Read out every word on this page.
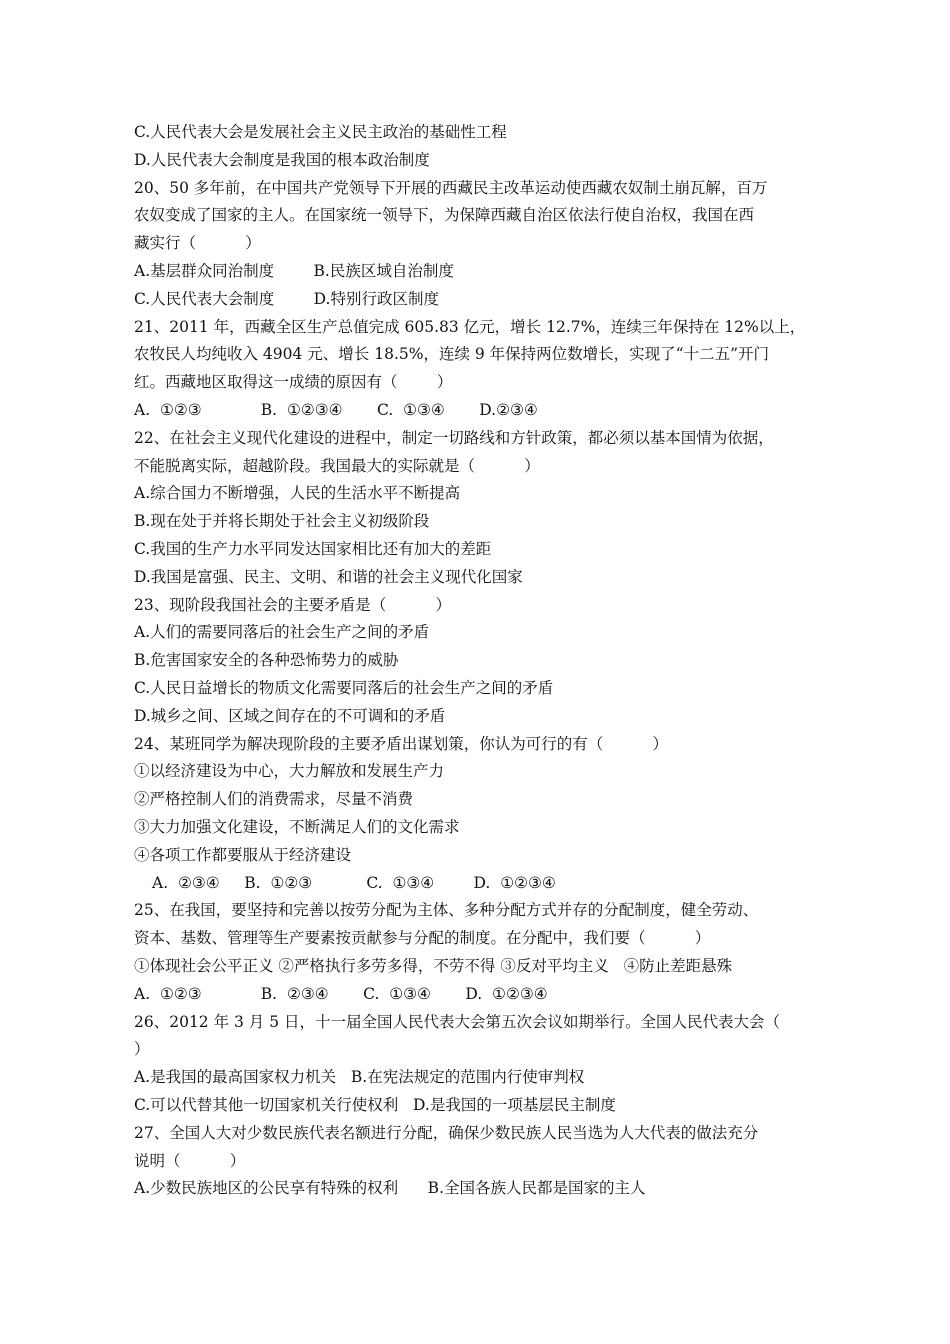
C.人民代表大会是发展社会主义民主政治的基础性工程
D.人民代表大会制度是我国的根本政治制度
20、50 多年前，在中国共产党领导下开展的西藏民主改革运动使西藏农奴制土崩瓦解，百万
农奴变成了国家的主人。在国家统一领导下，为保障西藏自治区依法行使自治权，我国在西
藏实行（          ）
A.基层群众同治制度        B.民族区域自治制度
C.人民代表大会制度        D.特别行政区制度
21、2011 年，西藏全区生产总值完成 605.83 亿元，增长 12.7%，连续三年保持在 12%以上，
农牧民人均纯收入 4904 元、增长 18.5%，连续 9 年保持两位数增长，实现了“十二五”开门
红。西藏地区取得这一成绩的原因有（        ）
A.  ①②③            B.  ①②③④       C.  ①③④       D.②③④
22、在社会主义现代化建设的进程中，制定一切路线和方针政策，都必须以基本国情为依据，
不能脱离实际，超越阶段。我国最大的实际就是（          ）
A.综合国力不断增强，人民的生活水平不断提高
B.现在处于并将长期处于社会主义初级阶段
C.我国的生产力水平同发达国家相比还有加大的差距
D.我国是富强、民主、文明、和谐的社会主义现代化国家
23、现阶段我国社会的主要矛盾是（          ）
A.人们的需要同落后的社会生产之间的矛盾
B.危害国家安全的各种恐怖势力的威胁
C.人民日益增长的物质文化需要同落后的社会生产之间的矛盾
D.城乡之间、区域之间存在的不可调和的矛盾
24、某班同学为解决现阶段的主要矛盾出谋划策，你认为可行的有（          ）
①以经济建设为中心，大力解放和发展生产力
②严格控制人们的消费需求，尽量不消费
③大力加强文化建设，不断满足人们的文化需求
④各项工作都要服从于经济建设
A.  ②③④     B.  ①②③           C.  ①③④        D.  ①②③④
25、在我国，要坚持和完善以按劳分配为主体、多种分配方式并存的分配制度，健全劳动、
资本、基数、管理等生产要素按贡献参与分配的制度。在分配中，我们要（          ）
①体现社会公平正义 ②严格执行多劳多得，不劳不得 ③反对平均主义   ④防止差距悬殊
A.  ①②③            B.  ②③④       C.  ①③④       D.  ①②③④
26、2012 年 3 月 5 日，十一届全国人民代表大会第五次会议如期举行。全国人民代表大会（
）
A.是我国的最高国家权力机关   B.在宪法规定的范围内行使审判权
C.可以代替其他一切国家机关行使权利   D.是我国的一项基层民主制度
27、全国人大对少数民族代表名额进行分配，确保少数民族人民当选为人大代表的做法充分
说明（          ）
A.少数民族地区的公民享有特殊的权利      B.全国各族人民都是国家的主人
